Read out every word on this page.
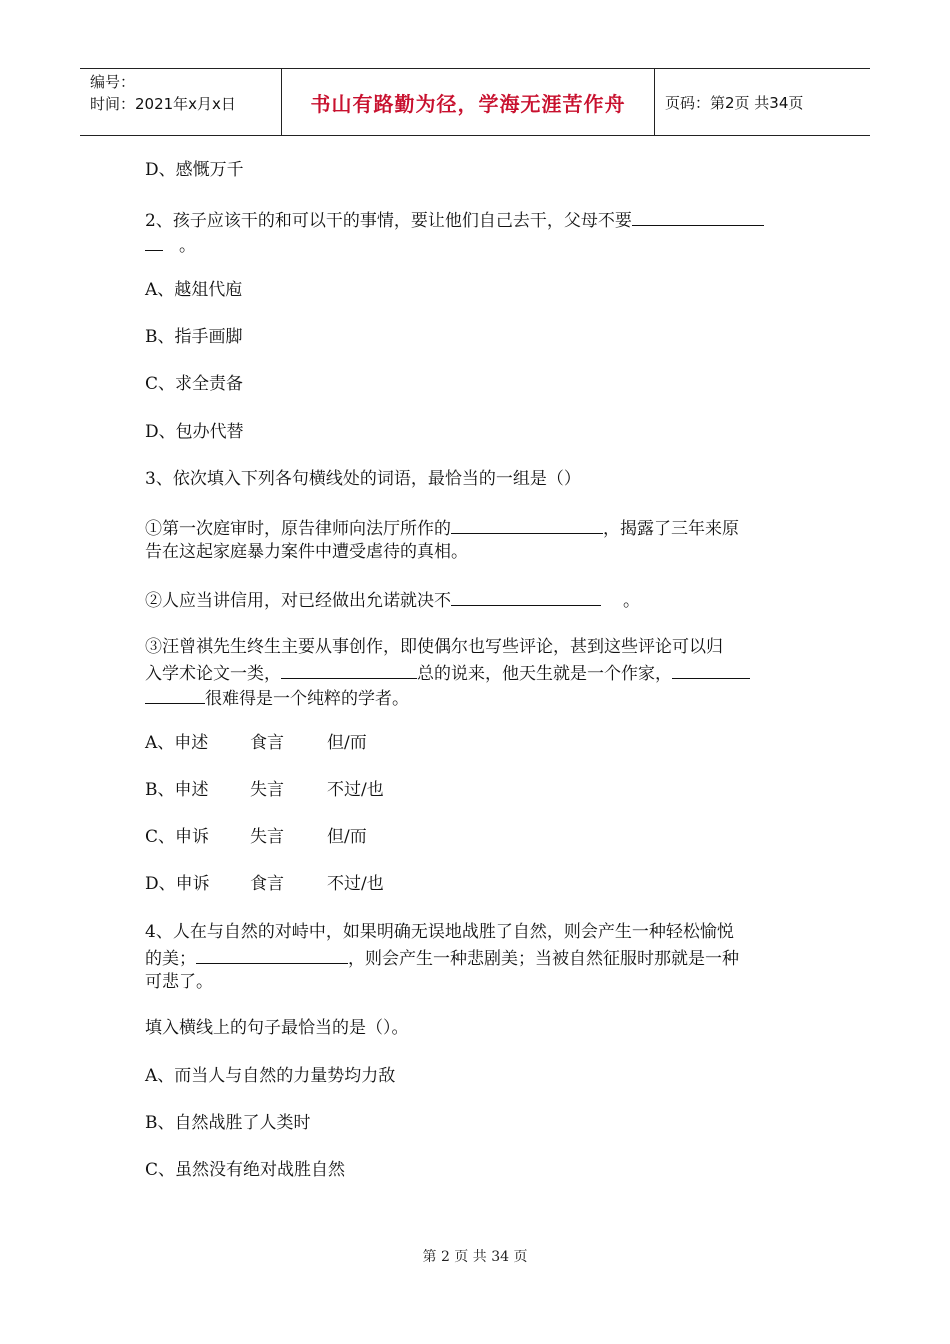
编号：
时间：2021年x月x日	书山有路勤为径，学海无涯苦作舟	页码：第2页 共34页
D、感慨万千
2、孩子应该干的和可以干的事情，要让他们自己去干，父母不要
。
A、越俎代庖
B、指手画脚
C、求全责备
D、包办代替
3、依次填入下列各句横线处的词语，最恰当的一组是（）
①第一次庭审时，原告律师向法厅所作的	，揭露了三年来原
告在这起家庭暴力案件中遭受虐待的真相。
②人应当讲信用，对已经做出允诺就决不	。
③汪曾祺先生终生主要从事创作，即使偶尔也写些评论，甚到这些评论可以归
入学术论文一类，	总的说来，他天生就是一个作家，
很难得是一个纯粹的学者。
A、申述 食言	但/而
B、申述 失言	不过/也
C、申诉 失言	但/而
D、申诉 食言	不过/也
4、人在与自然的对峙中，如果明确无误地战胜了自然，则会产生一种轻松愉悦
的美；	，则会产生一种悲剧美；当被自然征服时那就是一种
可悲了。
填入横线上的句子最恰当的是（）。
A、而当人与自然的力量势均力敌
B、自然战胜了人类时
C、虽然没有绝对战胜自然
第 2 页 共 34 页
